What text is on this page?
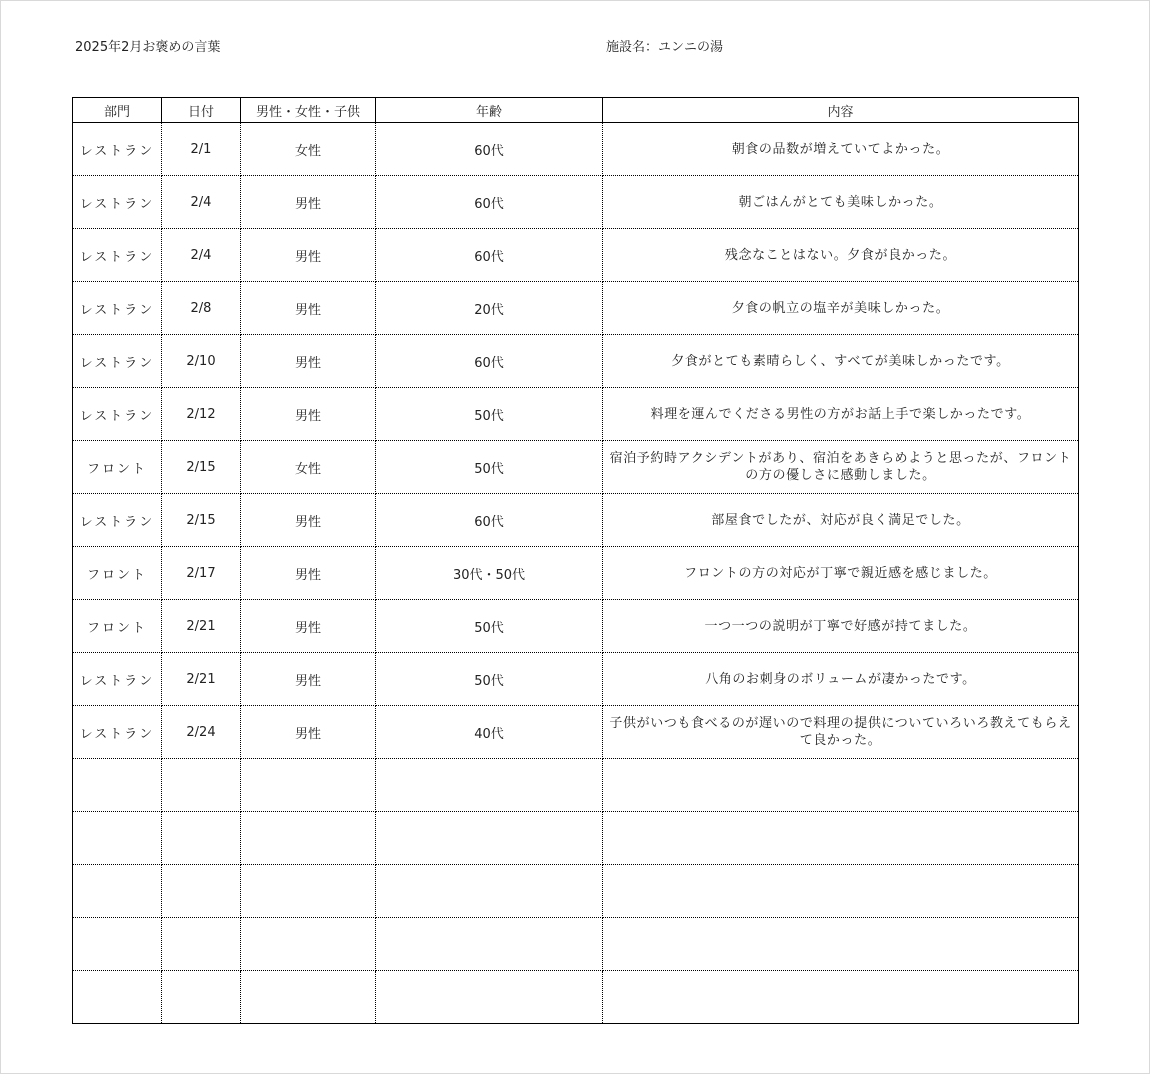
2025年2月お褒めの言葉	施設名：ユンニの湯
部門	日付	男性・女性・子供	年齢	内容
レストラン	2/1	女性	60代	朝食の品数が増えていてよかった。
レストラン	2/4	男性	60代	朝ごはんがとても美味しかった。
レストラン	2/4	男性	60代	残念なことはない。夕食が良かった。
レストラン	2/8	男性	20代	夕食の帆立の塩辛が美味しかった。
レストラン	2/10	男性	60代	夕食がとても素晴らしく、すべてが美味しかったです。
レストラン	2/12	男性	50代	料理を運んでくださる男性の方がお話上手で楽しかったです。
フロント	2/15	女性	50代	宿泊予約時アクシデントがあり、宿泊をあきらめようと思ったが、フロントの方の優しさに感動しました。
レストラン	2/15	男性	60代	部屋食でしたが、対応が良く満足でした。
フロント	2/17	男性	30代・50代	フロントの方の対応が丁寧で親近感を感じました。
フロント	2/21	男性	50代	一つ一つの説明が丁寧で好感が持てました。
レストラン	2/21	男性	50代	八角のお刺身のボリュームが凄かったです。
レストラン	2/24	男性	40代	子供がいつも食べるのが遅いので料理の提供についていろいろ教えてもらえて良かった。
